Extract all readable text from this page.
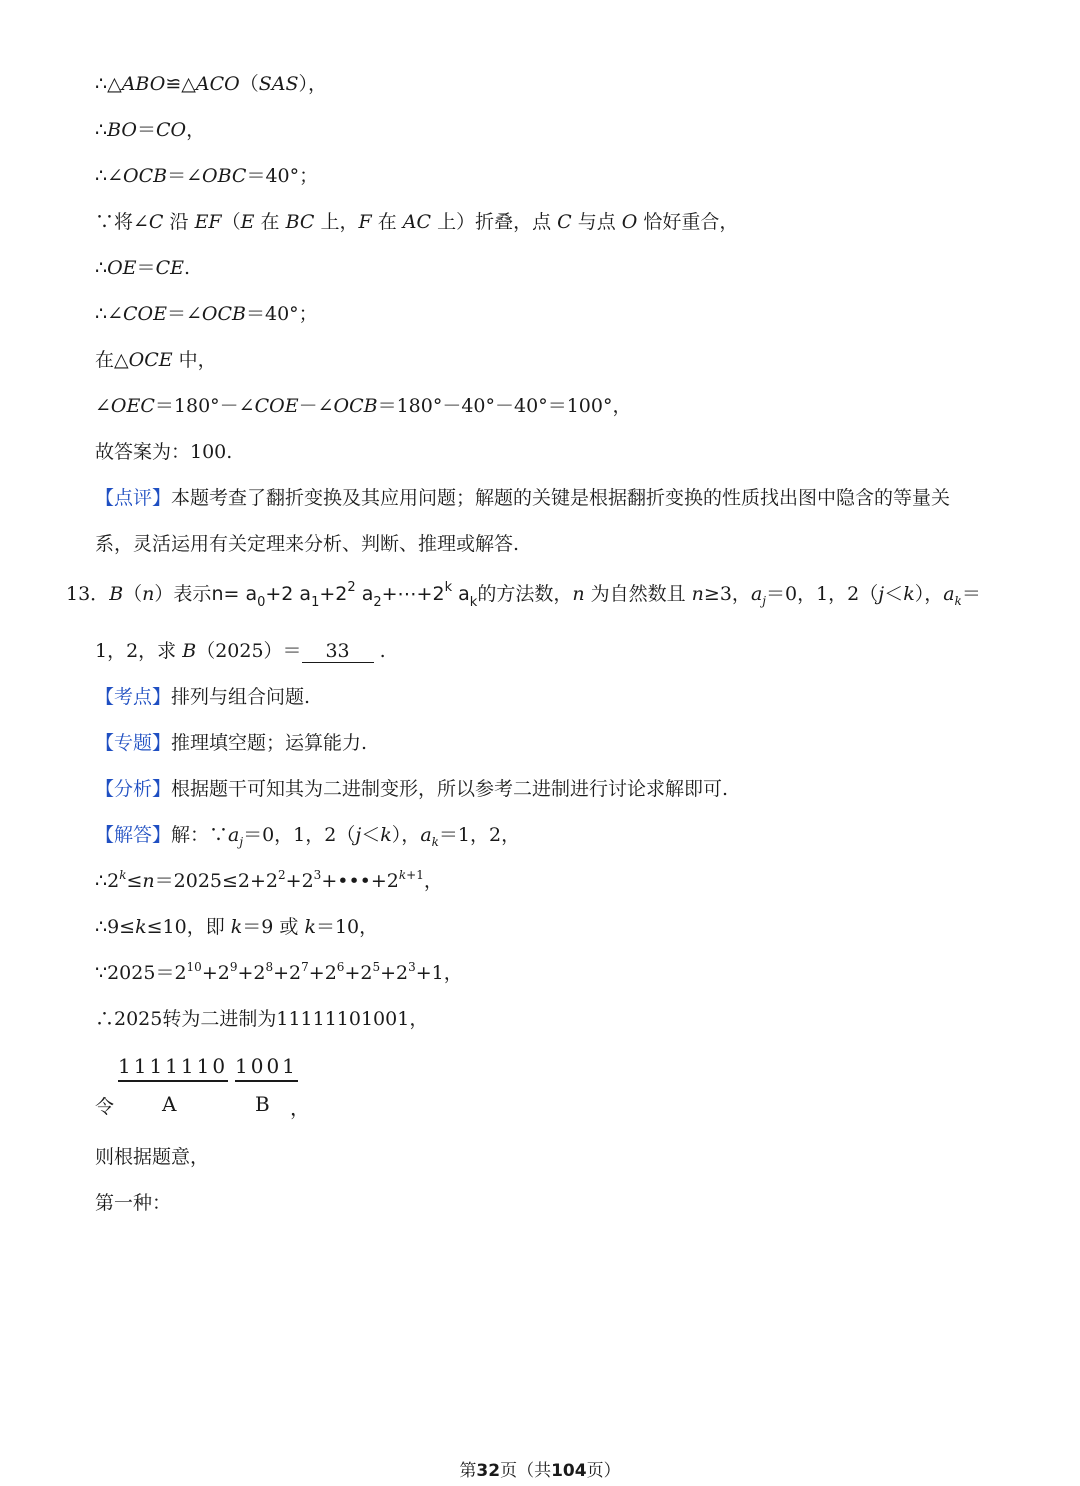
∴△ABO≌△ACO（SAS），
∴BO＝CO，
∴∠OCB＝∠OBC＝40°；
∵将∠C 沿 EF（E 在 BC 上，F 在 AC 上）折叠，点 C 与点 O 恰好重合，
∴OE＝CE.
∴∠COE＝∠OCB＝40°；
在△OCE 中，
∠OEC＝180°－∠COE－∠OCB＝180°－40°－40°＝100°，
故答案为：100.
【点评】本题考查了翻折变换及其应用问题；解题的关键是根据翻折变换的性质找出图中隐含的等量关
系，灵活运用有关定理来分析、判断、推理或解答.
13．B（n）表示$n= a_0+2$ $a_1+2^2$ $a_2+\cdots+2^k$ $a_k$的方法数，n 为自然数且 n≥3，$a_j=0$，1，2（j＜k），$a_k=$
1，2，求 B（2025）＝ 33 .
【考点】排列与组合问题.
【专题】推理填空题；运算能力.
【分析】根据题干可知其为二进制变形，所以参考二进制进行讨论求解即可.
【解答】解：$\because a_j=0$，1，2（j＜k），$a_k=1$，2，
$\therefore 2^k\le n=2025\le 2+2^2+2^3+•••+2^{k+1}$，
∴9≤k≤10，即 k＝9 或 k＝10，
$\because 2025=2^{10}+2^9+2^8+2^7+2^6+2^5+2^3+1$，
∴2025转为二进制为11111101001，
1111110 1001
令 A	B ，
则根据题意，
第一种：
第32页（共104页）
